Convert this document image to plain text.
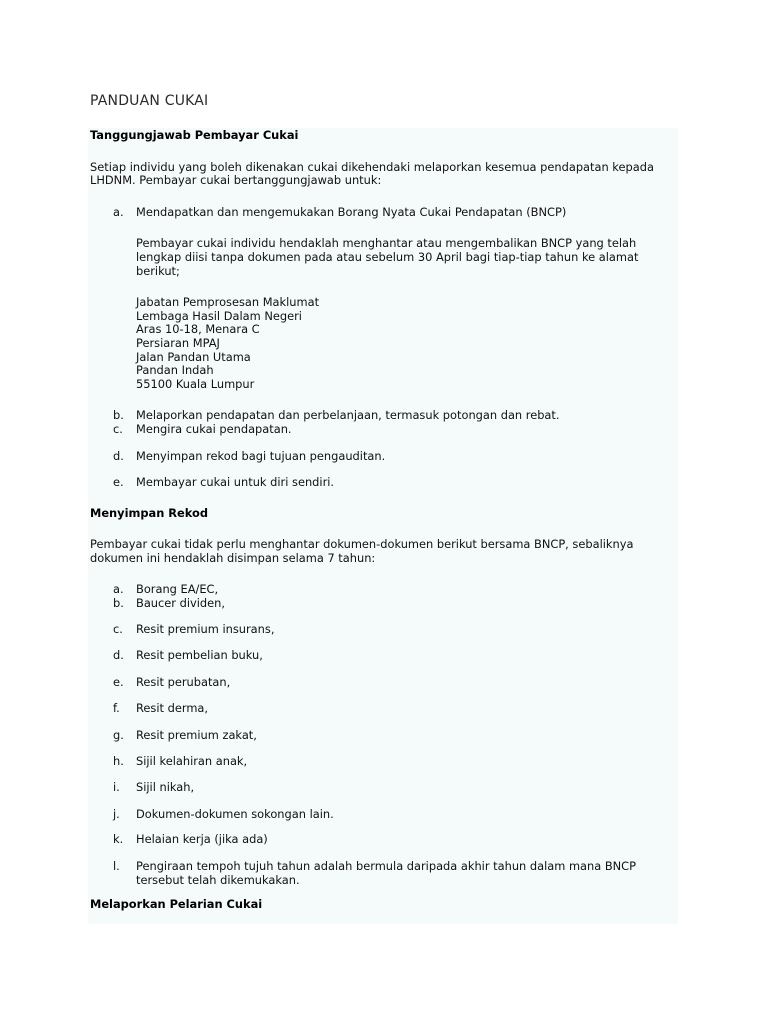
PANDUAN CUKAI
Tanggungjawab Pembayar Cukai

Setiap individu yang boleh dikenakan cukai dikehendaki melaporkan kesemua pendapatan kepada LHDNM. Pembayar cukai bertanggungjawab untuk:

a. Mendapatkan dan mengemukakan Borang Nyata Cukai Pendapatan (BNCP)
Pembayar cukai individu hendaklah menghantar atau mengembalikan BNCP yang telah lengkap diisi tanpa dokumen pada atau sebelum 30 April bagi tiap-tiap tahun ke alamat berikut;
Jabatan Pemprosesan Maklumat
Lembaga Hasil Dalam Negeri
Aras 10-18, Menara C
Persiaran MPAJ
Jalan Pandan Utama
Pandan Indah
55100 Kuala Lumpur
b. Melaporkan pendapatan dan perbelanjaan, termasuk potongan dan rebat.
c. Mengira cukai pendapatan.
d. Menyimpan rekod bagi tujuan pengauditan.
e. Membayar cukai untuk diri sendiri.
Menyimpan Rekod

Pembayar cukai tidak perlu menghantar dokumen-dokumen berikut bersama BNCP, sebaliknya dokumen ini hendaklah disimpan selama 7 tahun:

a. Borang EA/EC,
b. Baucer dividen,
c. Resit premium insurans,
d. Resit pembelian buku,
e. Resit perubatan,
f. Resit derma,
g. Resit premium zakat,
h. Sijil kelahiran anak,
i. Sijil nikah,
j. Dokumen-dokumen sokongan lain.
k. Helaian kerja (jika ada)
l. Pengiraan tempoh tujuh tahun adalah bermula daripada akhir tahun dalam mana BNCP tersebut telah dikemukakan.
Melaporkan Pelarian Cukai
